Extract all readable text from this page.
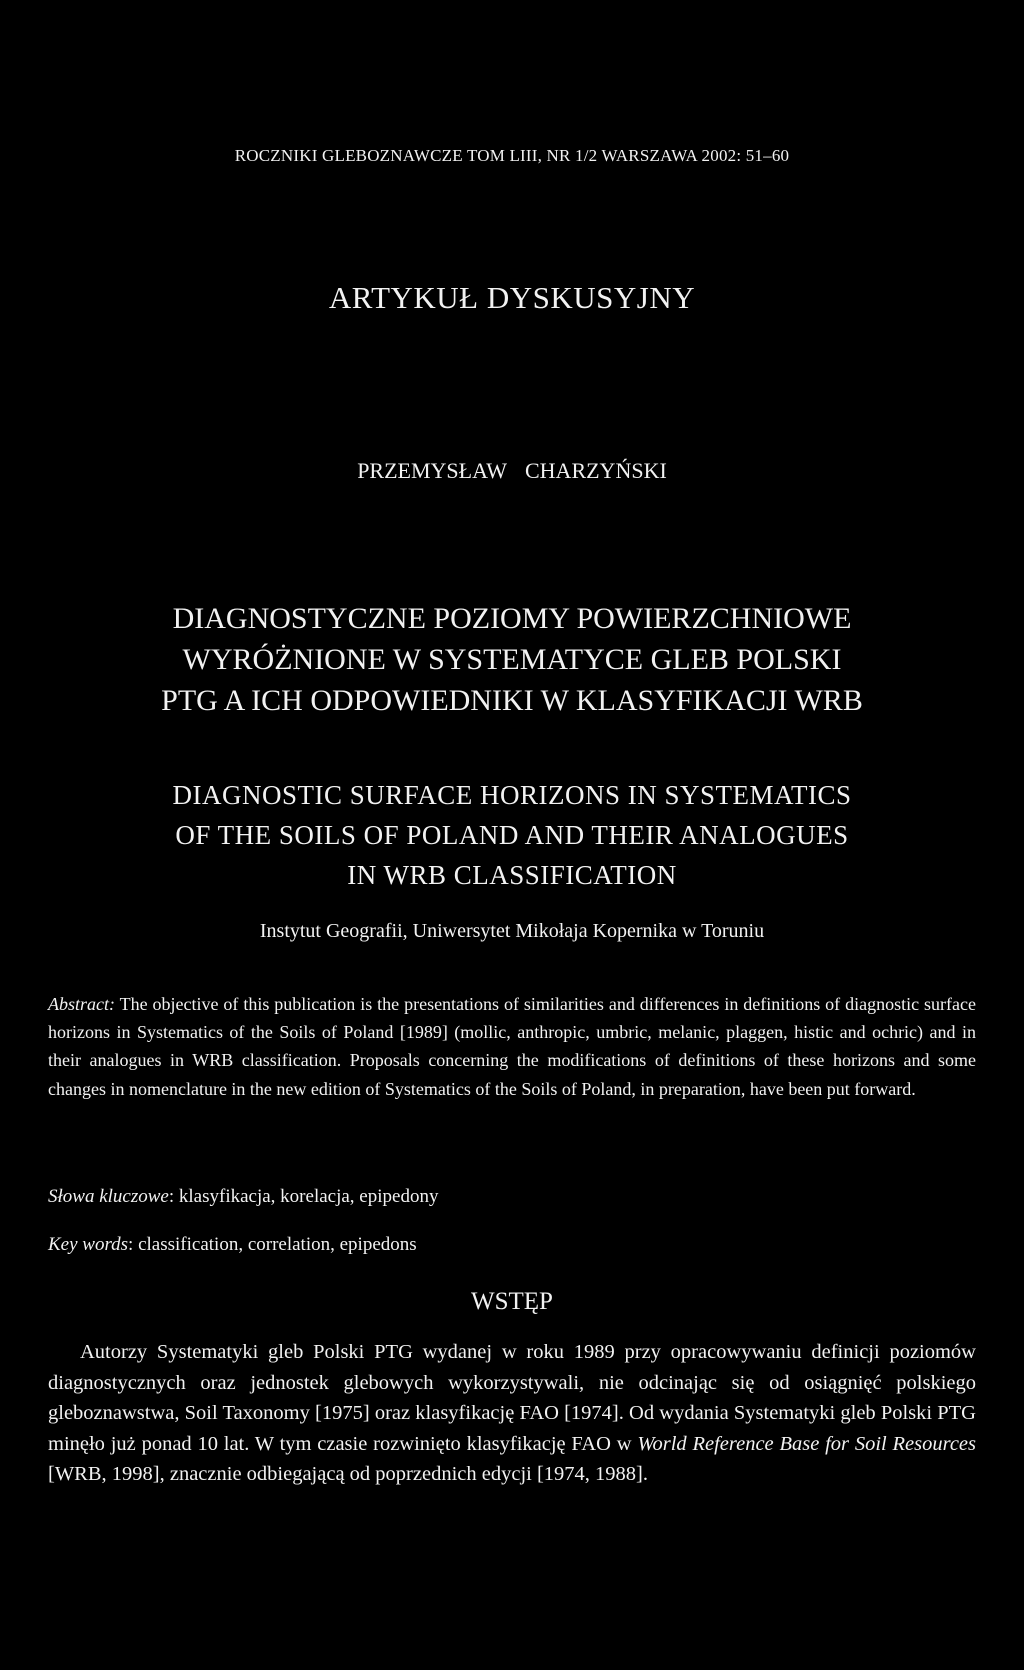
ROCZNIKI GLEBOZNAWCZE TOM LIII, NR 1/2 WARSZAWA 2002: 51–60
ARTYKUŁ DYSKUSYJNY
PRZEMYSŁAW CHARZYŃSKI
DIAGNOSTYCZNE POZIOMY POWIERZCHNIOWE
WYRÓŻNIONE W SYSTEMATYCE GLEB POLSKI
PTG A ICH ODPOWIEDNIKI W KLASYFIKACJI WRB
DIAGNOSTIC SURFACE HORIZONS IN SYSTEMATICS
OF THE SOILS OF POLAND AND THEIR ANALOGUES
IN WRB CLASSIFICATION
Instytut Geografii, Uniwersytet Mikołaja Kopernika w Toruniu
Abstract: The objective of this publication is the presentations of similarities and differences in definitions of diagnostic surface horizons in Systematics of the Soils of Poland [1989] (mollic, anthropic, umbric, melanic, plaggen, histic and ochric) and in their analogues in WRB classification. Proposals concerning the modifications of definitions of these horizons and some changes in nomenclature in the new edition of Systematics of the Soils of Poland, in preparation, have been put forward.
Słowa kluczowe: klasyfikacja, korelacja, epipedony
Key words: classification, correlation, epipedons
WSTĘP
Autorzy Systematyki gleb Polski PTG wydanej w roku 1989 przy opracowywaniu definicji poziomów diagnostycznych oraz jednostek glebowych wykorzystywali, nie odcinając się od osiągnięć polskiego gleboznawstwa, Soil Taxonomy [1975] oraz klasyfikację FAO [1974]. Od wydania Systematyki gleb Polski PTG minęło już ponad 10 lat. W tym czasie rozwinięto klasyfikację FAO w World Reference Base for Soil Resources [WRB, 1998], znacznie odbiegającą od poprzednich edycji [1974, 1988].
